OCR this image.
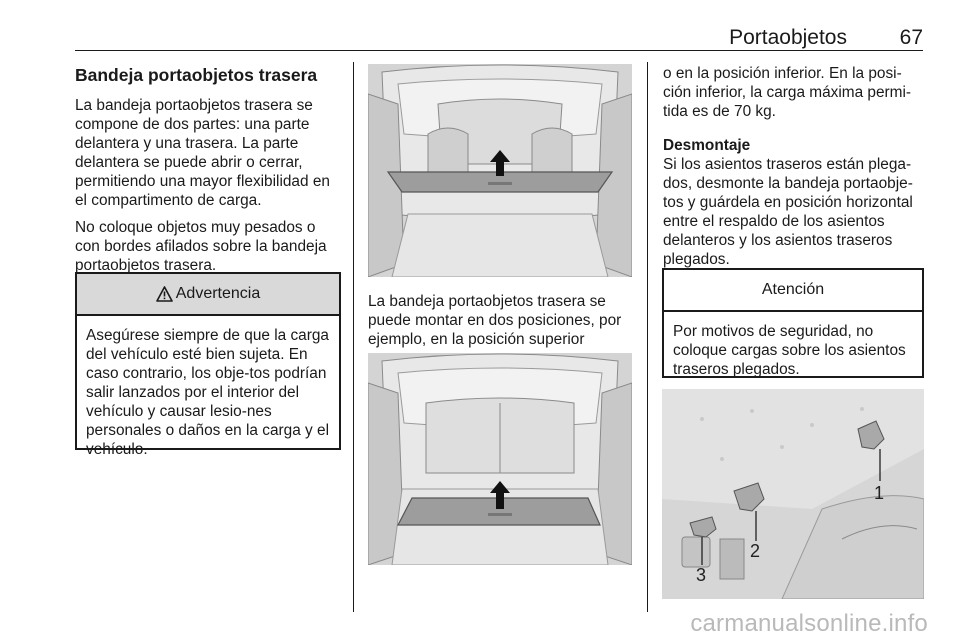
Portaobjetos	67
Bandeja portaobjetos trasera

La bandeja portaobjetos trasera se compone de dos partes: una parte delantera y una trasera. La parte delantera se puede abrir o cerrar, permitiendo una mayor flexibilidad en el compartimento de carga.

No coloque objetos muy pesados o con bordes afilados sobre la bandeja portaobjetos trasera.

Advertencia
Asegúrese siempre de que la carga del vehículo esté bien sujeta. En caso contrario, los obje-tos podrían salir lanzados por el interior del vehículo y causar lesio-nes personales o daños en la carga y el vehículo.

La bandeja portaobjetos trasera se puede montar en dos posiciones, por ejemplo, en la posición superior

o en la posición inferior. En la posi-ción inferior, la carga máxima permi-tida es de 70 kg.

Desmontaje

Si los asientos traseros están plega-dos, desmonte la bandeja portaobje-tos y guárdela en posición horizontal entre el respaldo de los asientos delanteros y los asientos traseros plegados.

Atención
Por motivos de seguridad, no coloque cargas sobre los asientos traseros plegados.
1
2
3
carmanualsonline.info
